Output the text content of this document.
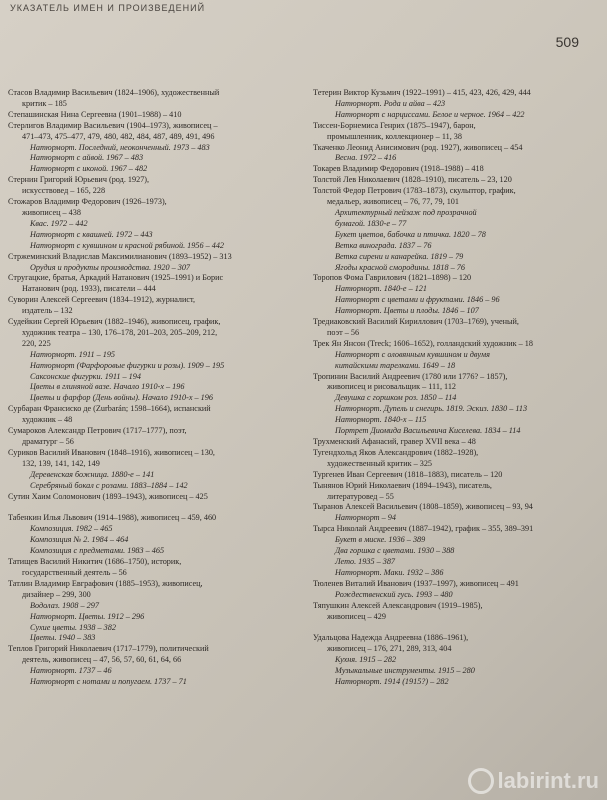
УКАЗАТЕЛЬ ИМЕН И ПРОИЗВЕДЕНИЙ
509
Стасов Владимир Васильевич (1824–1906), художественный
критик – 185
Степашинская Нина Сергеевна (1901–1988) – 410
Стерлигов Владимир Васильевич (1904–1973), живописец –
471–473, 475–477, 479, 480, 482, 484, 487, 489, 491, 496
Натюрморт. Последний, неоконченный. 1973 – 483
Натюрморт с айвой. 1967 – 483
Натюрморт с иконой. 1967 – 482
Стернин Григорий Юрьевич (род. 1927),
искусствовед – 165, 228
Стожаров Владимир Федорович (1926–1973),
живописец – 438
Квас. 1972 – 442
Натюрморт с квашней. 1972 – 443
Натюрморт с кувшином и красной рябиной. 1956 – 442
Стржеминский Владислав Максимилианович (1893–1952) – 313
Орудия и продукты производства. 1920 – 307
Стругацкие, братья, Аркадий Натанович (1925–1991) и Борис
Натанович (род. 1933), писатели – 444
Суворин Алексей Сергеевич (1834–1912), журналист,
издатель – 132
Судейкин Сергей Юрьевич (1882–1946), живописец, график,
художник театра – 130, 176–178, 201–203, 205–209, 212,
220, 225
Натюрморт. 1911 – 195
Натюрморт (Фарфоровые фигурки и розы). 1909 – 195
Саксонские фигурки. 1911 – 194
Цветы в глиняной вазе. Начало 1910-х – 196
Цветы и фарфор (День войны). Начало 1910-х – 196
Сурбаран Франсиско де (Zurbarán; 1598–1664), испанский
художник – 48
Сумароков Александр Петрович (1717–1777), поэт,
драматург – 56
Суриков Василий Иванович (1848–1916), живописец – 130,
132, 139, 141, 142, 149
Деревенская божница. 1880-е – 141
Серебряный бокал с розами. 1883–1884 – 142
Сутин Хаим Соломонович (1893–1943), живописец – 425
Табенкин Илья Львович (1914–1988), живописец – 459, 460
Композиция. 1982 – 465
Композиция № 2. 1984 – 464
Композиция с предметами. 1983 – 465
Татищев Василий Никитич (1686–1750), историк,
государственный деятель – 56
Татлин Владимир Евграфович (1885–1953), живописец,
дизайнер – 299, 300
Водолаз. 1908 – 297
Натюрморт. Цветы. 1912 – 296
Сухие цветы. 1938 – 382
Цветы. 1940 – 383
Теплов Григорий Николаевич (1717–1779), политический
деятель, живописец – 47, 56, 57, 60, 61, 64, 66
Натюрморт. 1737 – 46
Натюрморт с нотами и попугаем. 1737 – 71
Тетерин Виктор Кузьмич (1922–1991) – 415, 423, 426, 429, 444
Натюрморт. Рода и айва – 423
Натюрморт с нарциссами. Белое и черное. 1964 – 422
Тиссен-Борнемиса Генрих (1875–1947), барон,
промышленник, коллекционер – 11, 38
Ткаченко Леонид Анисимович (род. 1927), живописец – 454
Весна. 1972 – 416
Токарев Владимир Федорович (1918–1988) – 418
Толстой Лев Николаевич (1828–1910), писатель – 23, 120
Толстой Федор Петрович (1783–1873), скульптор, график,
медальер, живописец – 76, 77, 79, 101
Архитектурный пейзаж под прозрачной
бумагой. 1830-е – 77
Букет цветов, бабочка и птичка. 1820 – 78
Ветка винограда. 1837 – 76
Ветка сирени и канарейка. 1819 – 79
Ягоды красной смородины. 1818 – 76
Торопов Фома Гаврилович (1821–1898) – 120
Натюрморт. 1840-е – 121
Натюрморт с цветами и фруктами. 1846 – 96
Натюрморт. Цветы и плоды. 1846 – 107
Тредиаковский Василий Кириллович (1703–1769), ученый,
поэт – 56
Трек Ян Янсон (Treck; 1606–1652), голландский художник – 18
Натюрморт с оловянным кувшином и двумя
китайскими тарелками. 1649 – 18
Тропинин Василий Андреевич (1780 или 1776? – 1857),
живописец и рисовальщик – 111, 112
Девушка с горшком роз. 1850 – 114
Натюрморт. Дупель и снегирь. 1819. Эскиз. 1830 – 113
Натюрморт. 1840-х – 115
Портрет Диомида Васильевича Киселева. 1834 – 114
Трухменский Афанасий, гравер XVII века – 48
Тугендхольд Яков Александрович (1882–1928),
художественный критик – 325
Тургенев Иван Сергеевич (1818–1883), писатель – 120
Тынянов Юрий Николаевич (1894–1943), писатель,
литературовед – 55
Тыранов Алексей Васильевич (1808–1859), живописец – 93, 94
Натюрморт – 94
Тырса Николай Андреевич (1887–1942), график – 355, 389–391
Букет в миске. 1936 – 389
Два горшка с цветами. 1930 – 388
Лето. 1935 – 387
Натюрморт. Маки. 1932 – 386
Тюленев Виталий Иванович (1937–1997), живописец – 491
Рождественский гусь. 1993 – 480
Тяпушкин Алексей Александрович (1919–1985),
живописец – 429
Удальцова Надежда Андреевна (1886–1961),
живописец – 176, 271, 289, 313, 404
Кухня. 1915 – 282
Музыкальные инструменты. 1915 – 280
Натюрморт. 1914 (1915?) – 282
labirint.ru
